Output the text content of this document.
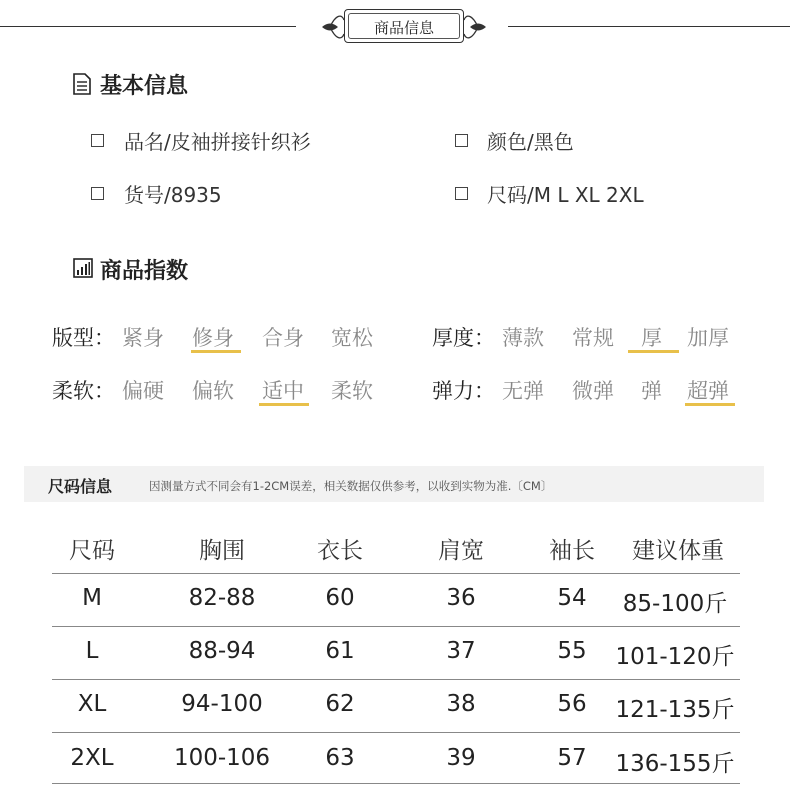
商品信息
基本信息
品名/皮袖拼接针织衫	颜色/黑色
货号/8935	尺码/M L XL 2XL
商品指数
版型： 紧身 修身 合身 宽松	厚度： 薄款 常规 厚 加厚
柔软： 偏硬 偏软 适中 柔软	弹力： 无弹 微弹 弹 超弹
尺码信息	因测量方式不同会有1-2CM误差，相关数据仅供参考，以收到实物为准.〔CM〕
尺码	胸围	衣长	肩宽	袖长	建议体重
M	82-88	60	36	54	85-100斤
L	88-94	61	37	55	101-120斤
XL	94-100	62	38	56	121-135斤
2XL	100-106	63	39	57	136-155斤
